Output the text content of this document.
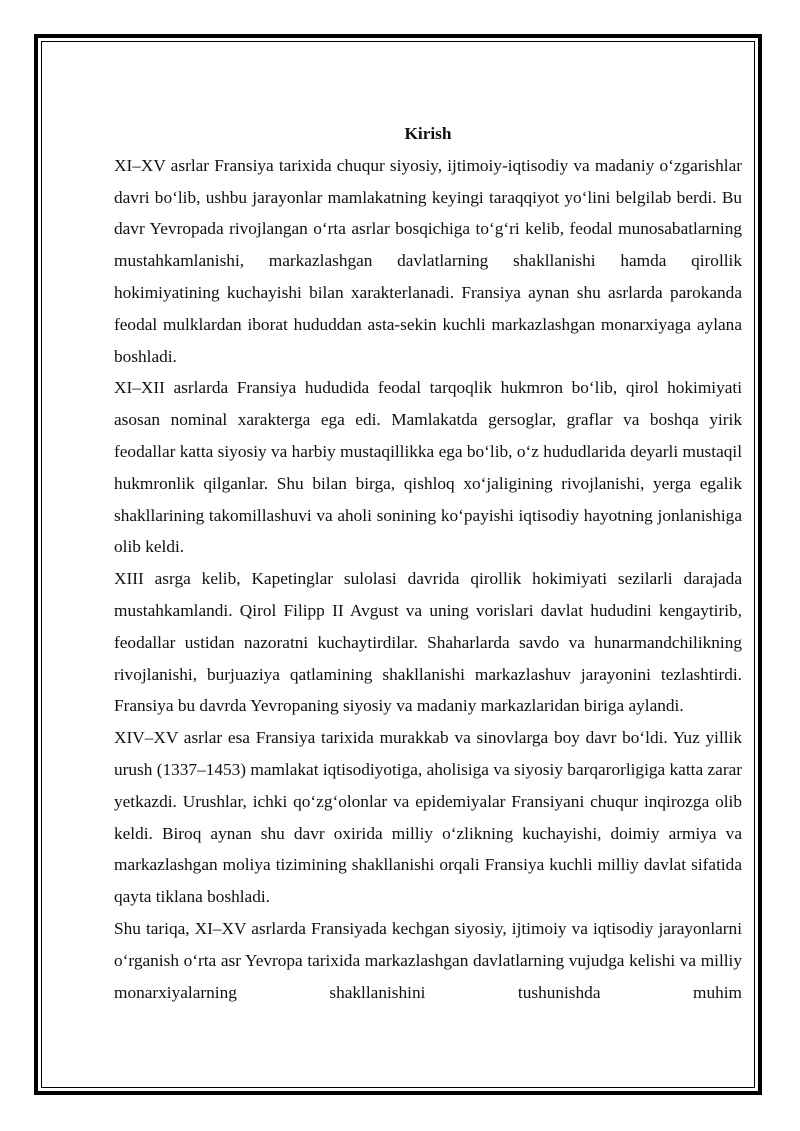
Kirish

XI–XV asrlar Fransiya tarixida chuqur siyosiy, ijtimoiy-iqtisodiy va madaniy oʻzgarishlar davri boʻlib, ushbu jarayonlar mamlakatning keyingi taraqqiyot yoʻlini belgilab berdi. Bu davr Yevropada rivojlangan oʻrta asrlar bosqichiga toʻgʻri kelib, feodal munosabatlarning mustahkamlanishi, markazlashgan davlatlarning shakllanishi hamda qirollik hokimiyatining kuchayishi bilan xarakterlanadi. Fransiya aynan shu asrlarda parokanda feodal mulklardan iborat hududdan asta-sekin kuchli markazlashgan monarxiyaga aylana boshladi.

XI–XII asrlarda Fransiya hududida feodal tarqoqlik hukmron boʻlib, qirol hokimiyati asosan nominal xarakterga ega edi. Mamlakatda gersoglar, graflar va boshqa yirik feodallar katta siyosiy va harbiy mustaqillikka ega boʻlib, oʻz hududlarida deyarli mustaqil hukmronlik qilganlar. Shu bilan birga, qishloq xoʻjaligining rivojlanishi, yerga egalik shakllarining takomillashuvi va aholi sonining koʻpayishi iqtisodiy hayotning jonlanishiga olib keldi.

XIII asrga kelib, Kapetinglar sulolasi davrida qirollik hokimiyati sezilarli darajada mustahkamlandi. Qirol Filipp II Avgust va uning vorislari davlat hududini kengaytirib, feodallar ustidan nazoratni kuchaytirdilar. Shaharlarda savdo va hunarmandchilikning rivojlanishi, burjuaziya qatlamining shakllanishi markazlashuv jarayonini tezlashtirdi. Fransiya bu davrda Yevropaning siyosiy va madaniy markazlaridan biriga aylandi.

XIV–XV asrlar esa Fransiya tarixida murakkab va sinovlarga boy davr boʻldi. Yuz yillik urush (1337–1453) mamlakat iqtisodiyotiga, aholisiga va siyosiy barqarorligiga katta zarar yetkazdi. Urushlar, ichki qoʻzgʻolonlar va epidemiyalar Fransiyani chuqur inqirozga olib keldi. Biroq aynan shu davr oxirida milliy oʻzlikning kuchayishi, doimiy armiya va markazlashgan moliya tizimining shakllanishi orqali Fransiya kuchli milliy davlat sifatida qayta tiklana boshladi.

Shu tariqa, XI–XV asrlarda Fransiyada kechgan siyosiy, ijtimoiy va iqtisodiy jarayonlarni oʻrganish oʻrta asr Yevropa tarixida markazlashgan davlatlarning vujudga kelishi va milliy monarxiyalarning shakllanishini tushunishda muhim
